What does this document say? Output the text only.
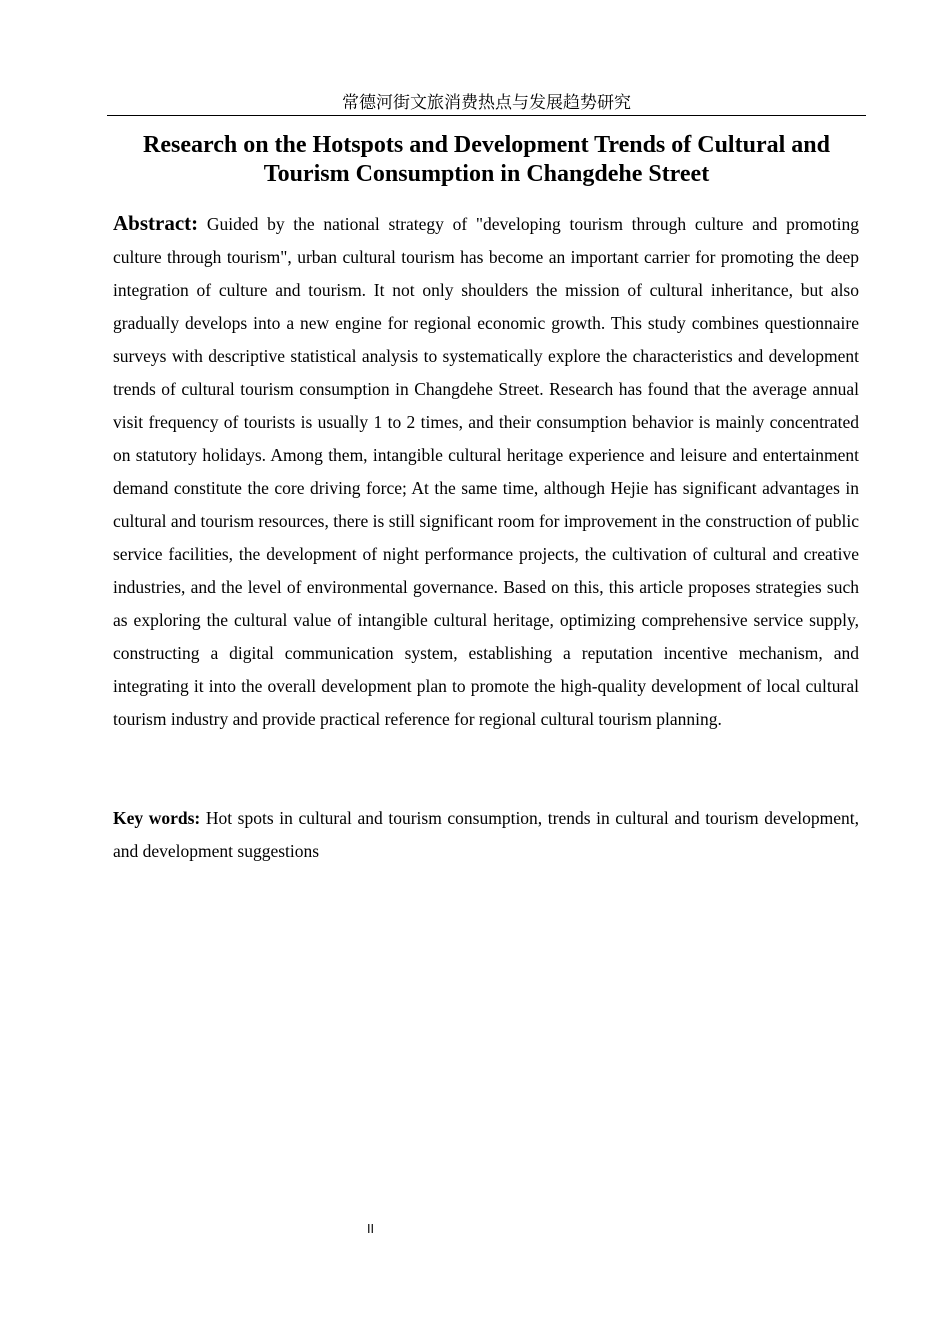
常德河街文旅消费热点与发展趋势研究
Research on the Hotspots and Development Trends of Cultural and
Tourism Consumption in Changdehe Street

Abstract: Guided by the national strategy of "developing tourism through culture and promoting culture through tourism", urban cultural tourism has become an important carrier for promoting the deep integration of culture and tourism. It not only shoulders the mission of cultural inheritance, but also gradually develops into a new engine for regional economic growth. This study combines questionnaire surveys with descriptive statistical analysis to systematically explore the characteristics and development trends of cultural tourism consumption in Changdehe Street. Research has found that the average annual visit frequency of tourists is usually 1 to 2 times, and their consumption behavior is mainly concentrated on statutory holidays. Among them, intangible cultural heritage experience and leisure and entertainment demand constitute the core driving force; At the same time, although Hejie has significant advantages in cultural and tourism resources, there is still significant room for improvement in the construction of public service facilities, the development of night performance projects, the cultivation of cultural and creative industries, and the level of environmental governance. Based on this, this article proposes strategies such as exploring the cultural value of intangible cultural heritage, optimizing comprehensive service supply, constructing a digital communication system, establishing a reputation incentive mechanism, and integrating it into the overall development plan to promote the high-quality development of local cultural tourism industry and provide practical reference for regional cultural tourism planning.

Key words: Hot spots in cultural and tourism consumption, trends in cultural and tourism development, and development suggestions

II
